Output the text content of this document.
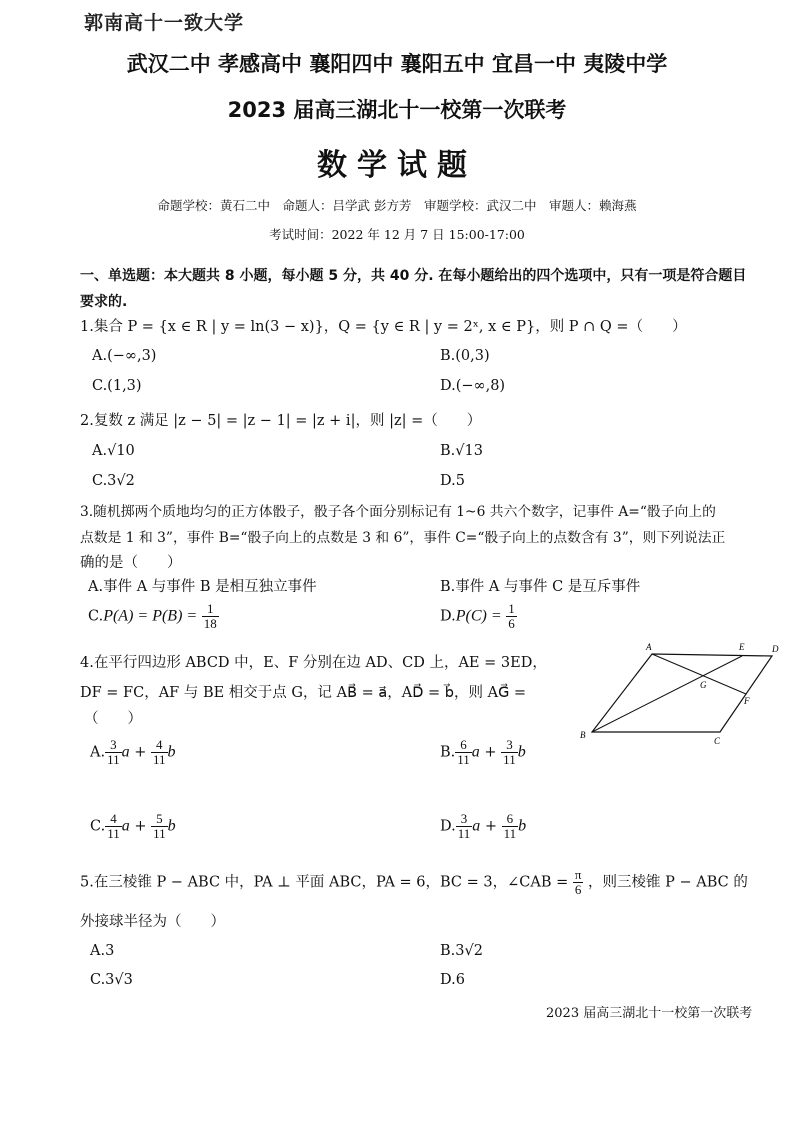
郭南高十一致大学
武汉二中 孝感高中 襄阳四中 襄阳五中 宜昌一中 夷陵中学
2023 届高三湖北十一校第一次联考
数学试题
命题学校：黄石二中　命题人：吕学武 彭方芳　审题学校：武汉二中　审题人：赖海燕
考试时间：2022 年 12 月 7 日 15:00-17:00
一、单选题：本大题共 8 小题，每小题 5 分，共 40 分. 在每小题给出的四个选项中，只有一项是符合题目要求的.
1.集合 P = {x ∈ R | y = ln(3 − x)}，Q = {y ∈ R | y = 2ˣ, x ∈ P}，则 P ∩ Q =（　　）
A.(−∞,3)	B.(0,3)
C.(1,3)	D.(−∞,8)
2.复数 z 满足 |z − 5| = |z − 1| = |z + i|，则 |z| =（　　）
A.√10	B.√13
C.3√2	D.5
3.随机掷两个质地均匀的正方体骰子，骰子各个面分别标记有 1~6 共六个数字，记事件 A=“骰子向上的
点数是 1 和 3”，事件 B=“骰子向上的点数是 3 和 6”，事件 C=“骰子向上的点数含有 3”，则下列说法正
确的是（　　）
A.事件 A 与事件 B 是相互独立事件	B.事件 A 与事件 C 是互斥事件
$C.P(A) = P(B) = \frac{1}{18}$	$D.P(C) = \frac{1}{6}$
4.在平行四边形 ABCD 中，E、F 分别在边 AD、CD 上，AE = 3ED，
DF = FC，AF 与 BE 相交于点 G，记 AB⃗ = a⃗，AD⃗ = b⃗，则 AG⃗ =
（　　）
A. $\frac{3}{11}$ $a + \frac{4}{11}$ b	B. $\frac{6}{11}$ $a + \frac{3}{11}$ b
C. $\frac{4}{11}$ $a + \frac{5}{11}$ b	D. $\frac{3}{11}$ $a + \frac{6}{11}$ b
A	E	D
G
F
B
C
5.在三棱锥 P − ABC 中，PA ⊥ 平面 ABC，PA = 6，BC = 3，∠CAB = $\frac{\pi}{6}$ ，则三棱锥 P − ABC 的
外接球半径为（　　）
A.3	B.3√2
C.3√3	D.6
2023 届高三湖北十一校第一次联考
